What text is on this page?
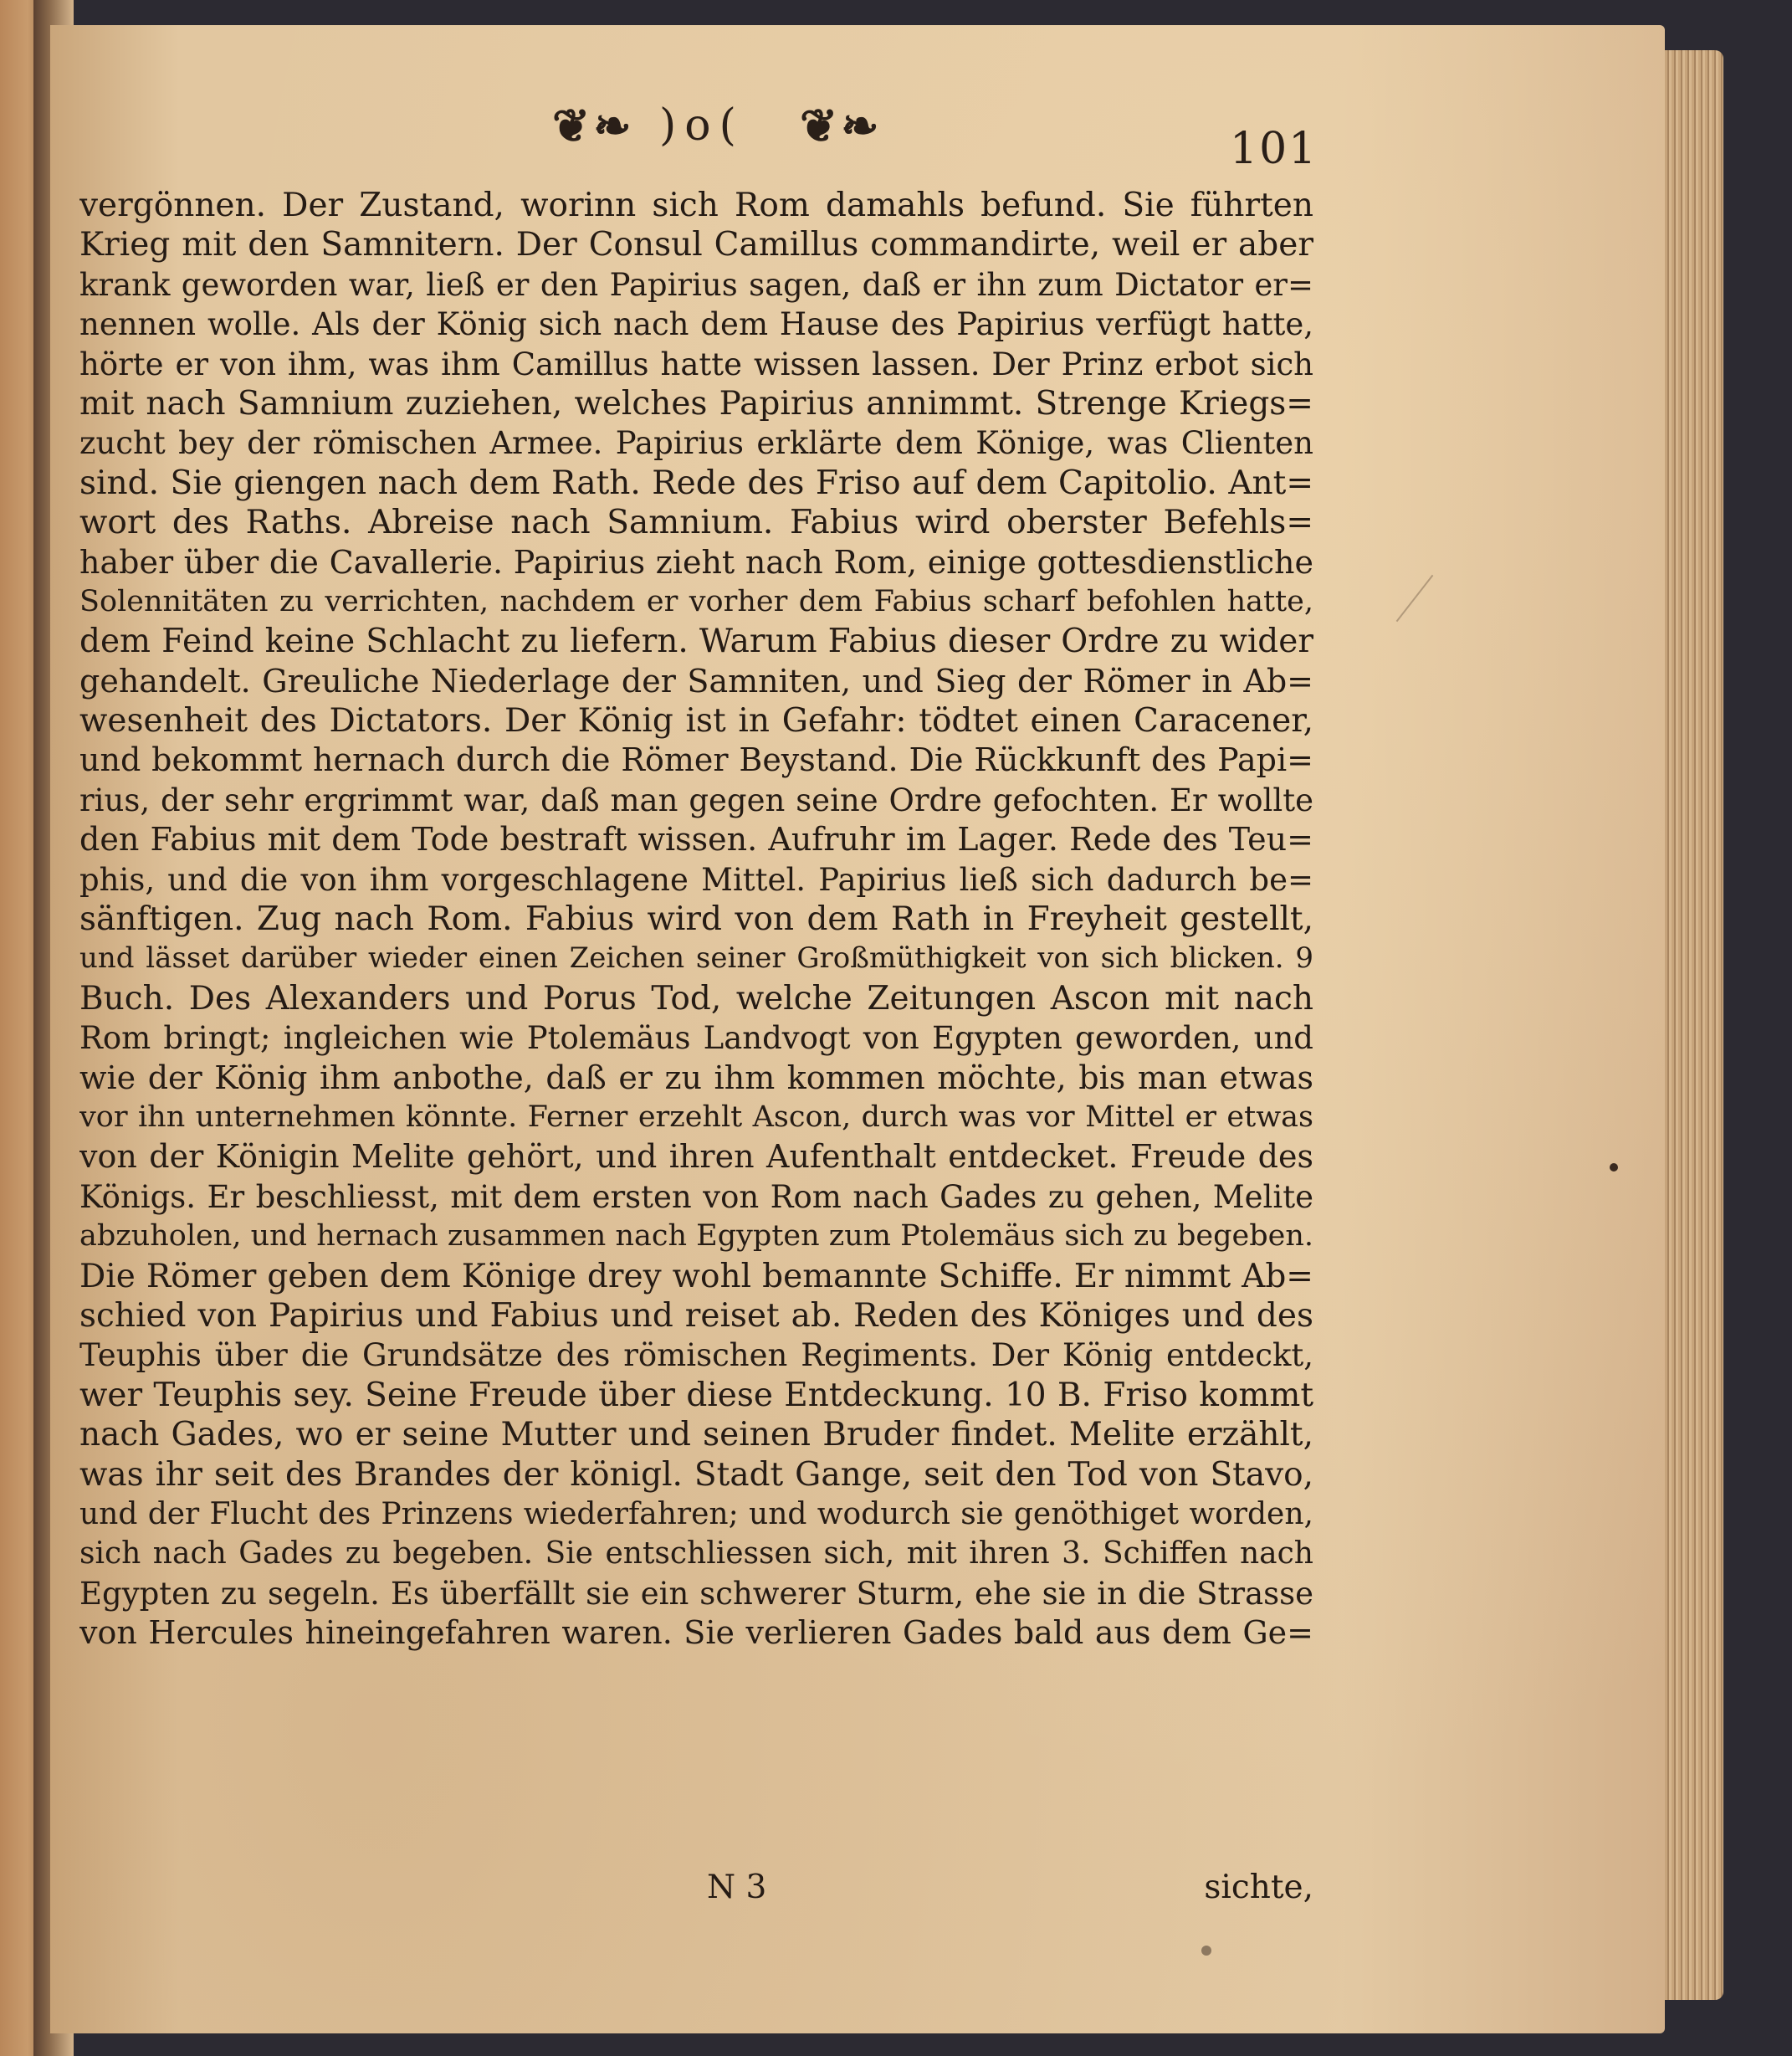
❦❧ )o( ❦❧	101
vergönnen. Der Zustand, worinn sich Rom damahls befund. Sie führten
Krieg mit den Samnitern. Der Consul Camillus commandirte, weil er aber
krank geworden war, ließ er den Papirius sagen, daß er ihn zum Dictator er=
nennen wolle. Als der König sich nach dem Hause des Papirius verfügt hatte,
hörte er von ihm, was ihm Camillus hatte wissen lassen. Der Prinz erbot sich
mit nach Samnium zuziehen, welches Papirius annimmt. Strenge Kriegs=
zucht bey der römischen Armee. Papirius erklärte dem Könige, was Clienten
sind. Sie giengen nach dem Rath. Rede des Friso auf dem Capitolio. Ant=
wort des Raths. Abreise nach Samnium. Fabius wird oberster Befehls=
haber über die Cavallerie. Papirius zieht nach Rom, einige gottesdienstliche
Solennitäten zu verrichten, nachdem er vorher dem Fabius scharf befohlen hatte,
dem Feind keine Schlacht zu liefern. Warum Fabius dieser Ordre zu wider
gehandelt. Greuliche Niederlage der Samniten, und Sieg der Römer in Ab=
wesenheit des Dictators. Der König ist in Gefahr: tödtet einen Caracener,
und bekommt hernach durch die Römer Beystand. Die Rückkunft des Papi=
rius, der sehr ergrimmt war, daß man gegen seine Ordre gefochten. Er wollte
den Fabius mit dem Tode bestraft wissen. Aufruhr im Lager. Rede des Teu=
phis, und die von ihm vorgeschlagene Mittel. Papirius ließ sich dadurch be=
sänftigen. Zug nach Rom. Fabius wird von dem Rath in Freyheit gestellt,
und lässet darüber wieder einen Zeichen seiner Großmüthigkeit von sich blicken. 9
Buch. Des Alexanders und Porus Tod, welche Zeitungen Ascon mit nach
Rom bringt; ingleichen wie Ptolemäus Landvogt von Egypten geworden, und
wie der König ihm anbothe, daß er zu ihm kommen möchte, bis man etwas
vor ihn unternehmen könnte. Ferner erzehlt Ascon, durch was vor Mittel er etwas
von der Königin Melite gehört, und ihren Aufenthalt entdecket. Freude des
Königs. Er beschliesst, mit dem ersten von Rom nach Gades zu gehen, Melite
abzuholen, und hernach zusammen nach Egypten zum Ptolemäus sich zu begeben.
Die Römer geben dem Könige drey wohl bemannte Schiffe. Er nimmt Ab=
schied von Papirius und Fabius und reiset ab. Reden des Königes und des
Teuphis über die Grundsätze des römischen Regiments. Der König entdeckt,
wer Teuphis sey. Seine Freude über diese Entdeckung. 10 B. Friso kommt
nach Gades, wo er seine Mutter und seinen Bruder findet. Melite erzählt,
was ihr seit des Brandes der königl. Stadt Gange, seit den Tod von Stavo,
und der Flucht des Prinzens wiederfahren; und wodurch sie genöthiget worden,
sich nach Gades zu begeben. Sie entschliessen sich, mit ihren 3. Schiffen nach
Egypten zu segeln. Es überfällt sie ein schwerer Sturm, ehe sie in die Strasse
von Hercules hineingefahren waren. Sie verlieren Gades bald aus dem Ge=
N 3	sichte,
